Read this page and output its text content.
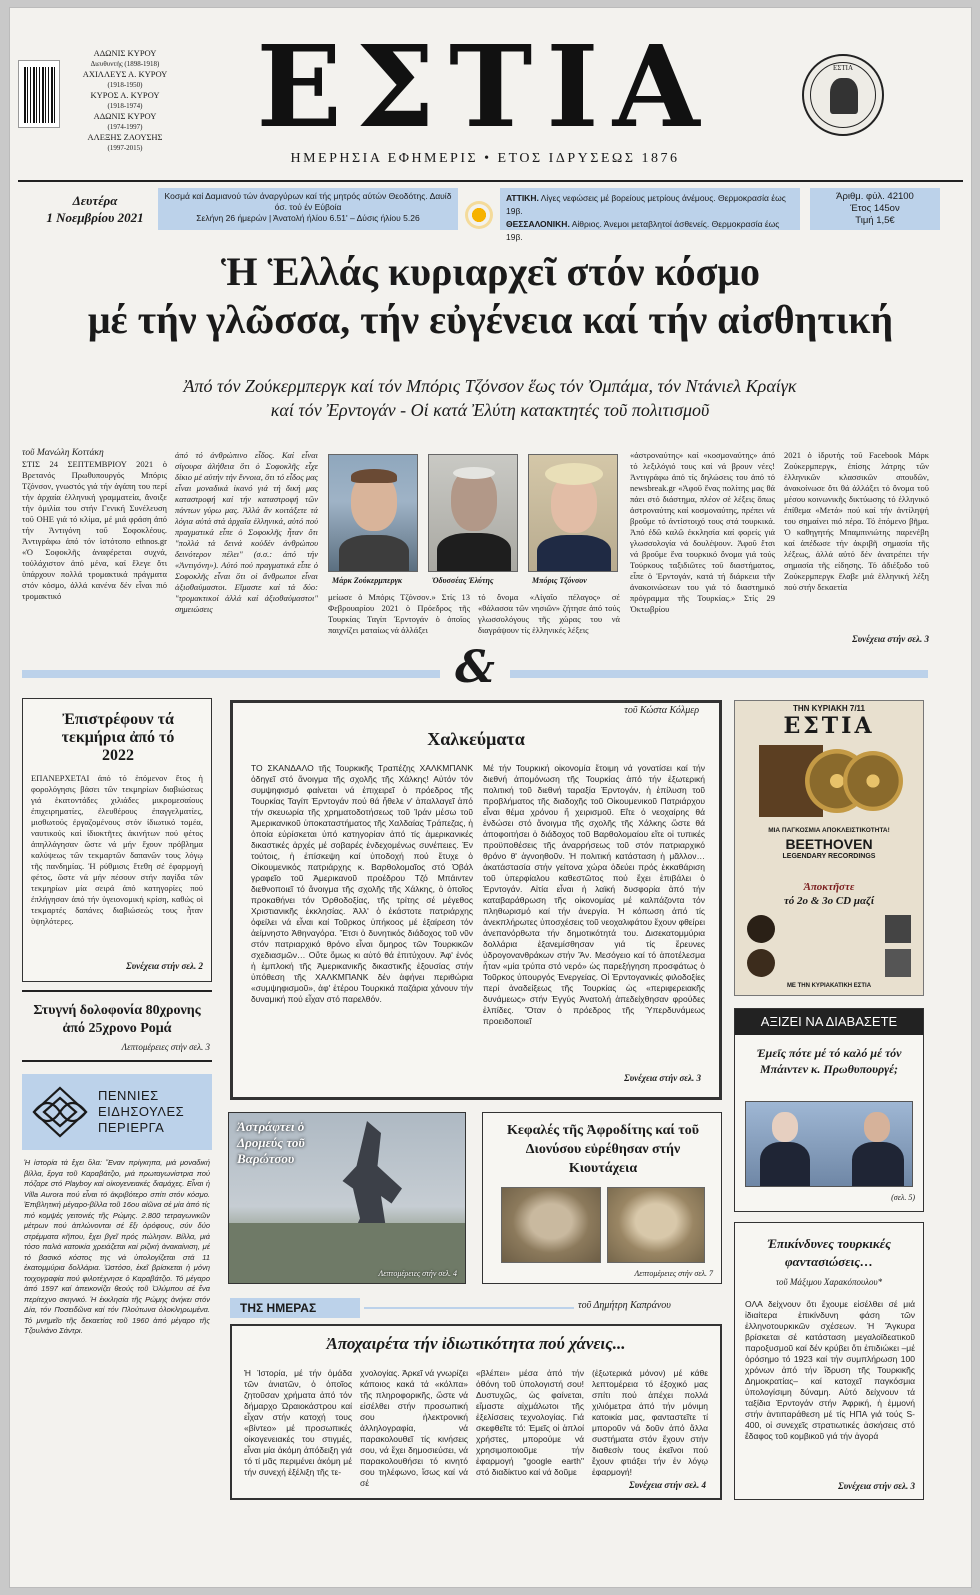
ΑΔΩΝΙΣ ΚΥΡΟΥ
Διευθυντής (1898-1918)
ΑΧΙΛΛΕΥΣ Α. ΚΥΡΟΥ
(1918-1950)
ΚΥΡΟΣ Α. ΚΥΡΟΥ
(1918-1974)
ΑΔΩΝΙΣ ΚΥΡΟΥ
(1974-1997)
ΑΛΕΞΗΣ ΖΑΟΥΣΗΣ
(1997-2015)	ΕΣΤΙΑ
ΗΜΕΡΗΣΙΑ ΕΦΗΜΕΡΙΣ • ΕΤΟΣ ΙΔΡΥΣΕΩΣ 1876
ΕΣΤΙΑ
Δευτέρα
1 Νοεμβρίου 2021
Κοσμά καί Δαμιανού τών άναργύρων καί τής μητρός αύτών Θεοδότης. Δαυίδ όσ. τού έν Εύβοία
Σελήνη 26 ήμερών | Άνατολή ήλίου 6.51' – Δύσις ήλίου 5.26
ΑΤΤΙΚΗ. Λίγες νεφώσεις μέ βορείους μετρίους άνέμους. Θερμοκρασία έως 19β.
ΘΕΣΣΑΛΟΝΙΚΗ. Αίθριος. Άνεμοι μεταβλητοί άσθενείς. Θερμοκρασία έως 19β.
Άριθμ. φύλ. 42100
Έτος 145ον
Τιμή 1,5€
Ἡ Ἑλλάς κυριαρχεῖ στόν κόσμο
μέ τήν γλῶσσα, τήν εὐγένεια καί τήν αἰσθητική
Ἀπό τόν Ζούκερμπεργκ καί τόν Μπόρις Τζόνσον ἕως τόν Ὀμπάμα, τόν Ντάνιελ Κραίγκ
καί τόν Ἐρντογάν - Οἱ κατά Ἐλύτη κατακτητές τοῦ πολιτισμοῦ
τοῦ Μανώλη Κοττάκη
ΣΤΙΣ 24 ΣΕΠΤΕΜΒΡΙΟΥ 2021 ὁ Βρετανός Πρωθυπουργός Μπόρις Τζόνσον, γνωστός γιά τήν ἀγάπη του περί τήν ἀρχαία ἑλληνική γραμματεία, ἄνοιξε τήν ὁμιλία του στήν Γενική Συνέλευση τοῦ ΟΗΕ γιά τό κλίμα, μέ μιά φράση ἀπό τήν Ἀντιγόνη τοῦ Σοφοκλέους. Ἀντιγράφω ἀπό τόν ἱστότοπο ethnos.gr «Ὁ Σοφοκλῆς ἀναφέρεται συχνά, τοὐλάχιστον ἀπό μένα, καί ἔλεγε ὅτι ὑπάρχουν πολλά τρομακτικά πράγματα στόν κόσμο, ἀλλά κανένα δέν εἶναι πιό τρομακτικό
ἀπό τό ἀνθρώπινο εἶδος. Καί εἶναι σίγουρα ἀλήθεια ὅτι ὁ Σοφοκλῆς εἶχε δίκιο μέ αὐτήν τήν ἔννοια, ὅτι τό εἶδος μας εἶναι μοναδικά ἱκανό γιά τή δική μας καταστροφή καί τήν καταστροφή τῶν πάντων γύρω μας. Ἀλλά ἄν κοιτάξετε τά λόγια αὐτά στά ἀρχαῖα ἑλληνικά, αὐτό πού πραγματικά εἶπε ὁ Σοφοκλῆς ἦταν ὅτι "πολλά τά δεινά κοὐδέν ἀνθρώπου δεινότερον πέλει" (σ.σ.: ἀπό τήν «Ἀντιγόνη»). Αὐτό πού πραγματικά εἶπε ὁ Σοφοκλῆς εἶναι ὅτι οἱ ἄνθρωποι εἶναι ἀξιοθαύμαστοι. Εἴμαστε καί τά δύο: "τρομακτικοί ἀλλά καί ἀξιοθαύμαστοι" σημειώσεις
Μάρκ Ζούκερμπεργκ	Ὀδυσσέας Ἐλύτης	Μπόρις Τζόνσον
μείωσε ὁ Μπόρις Τζόνσον.» Στίς 13 Φεβρουαρίου 2021 ὁ Πρόεδρος τῆς Τουρκίας Ταγίπ Ἐρντογάν ὁ ὁποῖος παιχνίζει ματαίως νά ἀλλάξει
τό ὄνομα «Αἰγαῖο πέλαγος» σέ «θάλασσα τῶν νησιῶν» ζήτησε ἀπό τούς γλωσσολόγους τῆς χώρας του νά διαγράψουν τίς ἑλληνικές λέξεις
«ἀστροναύτης» καί «κοσμοναύτης» ἀπό τό λεξιλόγιό τους καί νά βρουν νέες! Ἀντιγράφω ἀπό τίς δηλώσεις του ἀπό τό newsbreak.gr «Ἀφοῦ ἕνας πολίτης μας θά πάει στό διάστημα, πλέον σέ λέξεις ὅπως ἀστροναύτης καί κοσμοναύτης, πρέπει νά βροῦμε τό ἀντίστοιχό τους στά τουρκικά. Ἀπό ἐδῶ καλῶ ἐκκλησία καί φορείς γιά γλωσσολογία νά δουλέψουν. Ἀφοῦ ἔτσι νά βροῦμε ἕνα τουρκικό ὄνομα γιά τούς Τούρκους ταξιδιῶτες τοῦ διαστήματος, εἶπε ὁ Ἐρντογάν, κατά τή διάρκεια τῆν ἀνακοινώσεων του γιά τό διαστημικό πρόγραμμα τῆς Τουρκίας.» Στίς 29 Ὀκτωβρίου
2021 ὁ ἱδρυτής τοῦ Facebook Μάρκ Ζούκερμπεργκ, ἐπίσης λάτρης τῶν ἑλληνικῶν κλασσικῶν σπουδῶν, ἀνακοίνωσε ὅτι θά ἀλλάξει τό ὄνομα τοῦ μέσου κοινωνικῆς δικτύωσης τό ἑλληνικό ἐπίθεμα «Μετά» πού καί τήν ἀντίληψή του σημαίνει πιό πέρα. Τό ἑπόμενο βῆμα. Ὁ καθηγητής Μπαμπινιώτης παρενέβη καί ἀπέδωσε τήν ἀκριβῆ σημασία τῆς λέξεως, ἀλλά αὐτό δέν ἀνατρέπει τήν σημασία τῆς είδησης. Τό ἀδιέξοδο τοῦ Ζούκερμπεργκ ἔλαβε μιά ἑλληνική λέξη πού στήν δεκαετία
Συνέχεια στήν σελ. 3
&
Ἐπιστρέφουν τά τεκμήρια ἀπό τό 2022
ΕΠΑΝΕΡΧΕΤΑΙ ἀπό τό ἑπόμενον ἔτος ἡ φορολόγησις βάσει τῶν τεκμηρίων διαβιώσεως γιά ἑκατοντάδες χιλιάδες μικρομεσαίους ἐπιχειρηματίες, ἐλευθέρους ἐπαγγελματίες, μισθωτούς ἐργαζομένους στόν ἰδιωτικό τομέα, ναυτικούς καί ἰδιοκτῆτες ἀκινήτων πού φέτος ἀπηλλάγησαν ὥστε νά μήν ἔχουν πρόβλημα καλύψεως τῶν τεκμαρτῶν δαπανῶν τους λόγῳ τῆς πανδημίας. Ἡ ρύθμισις ἔτεθη σέ ἐφαρμογή φέτος, ὥστε νά μήν πέσουν στήν παγίδα τῶν τεκμηρίων μία σειρά ἀπό κατηγορίες πού ἐπλήγησαν ἀπό τήν ὑγειονομική κρίση, καθώς οἱ τεκμαρτές δαπάνες διαβιώσεώς τους ἦταν ὑψηλότερες.
Συνέχεια στήν σελ. 2
Στυγνή δολοφονία 80χρονης ἀπό 25χρονο Ρομά
Λεπτομέρειες στήν σελ. 3
ΠΕΝΝΙΕΣ ΕΙΔΗΣΟΥΛΕΣ ΠΕΡΙΕΡΓΑ
Ἡ ἱστορία τά ἔχει ὅλα: Ἕναν πρίγκηπα, μιά μοναδική βίλλα, ἔργα τοῦ Καραβάτζιο, μιά πρωταγωνίστρια πού πόζαρε στό Playboy καί οἰκογενειακές διαμάχες. Εἶναι ἡ Villa Aurora πού εἶναι τό ἀκριβότερο σπίτι στόν κόσμο. Ἐπιβλητική μέγαρο-βίλλα τοῦ 16ου αἰῶνα σέ μία ἀπό τίς πιό κομψές γειτονιές τῆς Ρώμης. 2.800 τετραγωνικῶν μέτρων πού ἁπλώνονται σέ ἔξι ὀρόφους, σύν δύο στρέμματα κῆπου, ἔχει βγεῖ πρός πώλησιν. Βίλλα, μιά τόσο παλιά κατοικία χρειάζεται καί ριζική ἀνακαίνιση, μέ τό βασικό κόστος της νά ὑπολογίζεται στά 11 ἑκατομμύρια δολλάρια. Ὡστόσο, ἐκεῖ βρίσκεται ἡ μόνη τοιχογραφία πού φιλοτέχνησε ὁ Καραβάτζιο. Τό μέγαρο ἀπό 1597 καί ἀπεικονίζει θεούς τοῦ Ὀλύμπου σέ ἕνα περίτεχνο σκηνικό. Ἡ ἐκκλησία τῆς Ρώμης ἀνήκει στόν Δία, τόν Ποσειδῶνα καί τόν Πλούτωνα ὁλοκληρωμένα. Τό μνημεῖο τῆς δεκαετίας τοῦ 1960 ἀπό μέγαρο τῆς Τζουλιάνο Σάντρι.
τοῦ Κώστα Κόλμερ
Χαλκεύματα
ΤΟ ΣΚΑΝΔΑΛΟ τῆς Τουρκικῆς Τραπέζης ΧΑΛΚΜΠΑΝΚ ὁδηγεῖ στό ἄνοιγμα τῆς σχολῆς τῆς Χάλκης! Αὐτόν τόν συμψηφισμό φαίνεται νά ἐπιχειρεῖ ὁ πρόεδρος τῆς Τουρκίας Ταγίπ Ἐρντογάν πού θά ἤθελε ν' ἀπαλλαγεῖ ἀπό τήν σκευωρία τῆς χρηματοδοτήσεως τοῦ Ἰράν μέσω τοῦ Ἀμερικανικοῦ ὑποκαταστήματος τῆς Χαλδαίας Τράπεζας, ἡ ὁποία εὐρίσκεται ὑπό κατηγορίαν ἀπό τίς ἀμερικανικές δικαστικές ἀρχές μέ σοβαρές ἐνδεχομένως συνέπειες. Ἐν τούτοις, ἡ ἐπίσκεψη καί ὑποδοχή πού ἔτυχε ὁ Οἰκουμενικός πατριάρχης κ. Βαρθολομαῖος στό Ὀβάλ γραφεῖο τοῦ Ἀμερικανοῦ προέδρου Τζό Μπάιντεν διεθνοποιεῖ τό ἄνοιγμα τῆς σχολῆς τῆς Χάλκης, ὁ ὁποῖος προκαθήνει τόν Ὀρθοδοξίας, τῆς τρίτης σέ μέγεθος Χριστιανικῆς ἐκκλησίας. Ἀλλ' ὁ ἑκάστοτε πατριάρχης ὀφείλει νά εἶναι καί Τοῦρκος ὑπήκοος μέ ἐξαίρεση τόν ἀείμνηστο Ἀθηναγόρα. Ἔτσι ὁ δυνητικός διάδοχος τοῦ νῦν στόν πατριαρχικό θρόνο εἶναι ὅμηρος τῶν Τουρκικῶν σχεδιασμῶν… Οὔτε ὅμως κι αὐτό θά ἐπιτύχουν. Ἀφ' ἑνός ἡ ἐμπλοκή τῆς Ἀμερικανικῆς δικαστικῆς ἐξουσίας στήν ὑπόθεση τῆς ΧΑΛΚΜΠΑΝΚ δέν ἀφήνει περιθώρια «συμψηφισμοῦ», ἀφ' ἑτέρου Τουρκικά παζάρια χάνουν τήν δυναμική πού εἶχαν στό παρελθόν.
Μέ τήν Τουρκική οἰκονομία ἕτοιμη νά γονατίσει καί τήν διεθνή ἀπομόνωση τῆς Τουρκίας ἀπό τήν ἐξωτερική πολιτική τοῦ διεθνή ταραξία Ἐρντογάν, ἡ ἐπίλυση τοῦ προβλήματος τῆς διαδοχῆς τοῦ Οἰκουμενικοῦ Πατριάρχου εἶναι θέμα χρόνου ἤ χειρισμοῦ. Εἴτε ὁ νεοχαίρης θά ἐνδώσει στό ἄνοιγμα τῆς σχολῆς τῆς Χάλκης ὥστε θά ἀποφοιτήσει ὁ διάδοχος τοῦ Βαρθολομαίου εἴτε οἱ τυπικές προϋποθέσεις τῆς ἀναρρήσεως τοῦ στόν πατριαρχικό θρόνο θ' ἀγνοηθοῦν. Ἡ πολιτική κατάσταση ἡ μᾶλλον… ἀκατάστασία στήν γείτονα χώρα ὁδεύει πρός ἐκκαθάριση τοῦ ὑπερφίαλου καθεστῶτος πού ἔχει ἐπιβάλει ὁ Ἐρντογάν. Αἰτία εἶναι ἡ λαϊκή δυσφορία ἀπό τήν καταβαράθρωση τῆς οἰκονομίας μέ καλπάζοντα τόν πληθωρισμό καί τήν ἀνεργία. Ἡ κόπωση ἀπό τίς ἀνεκπλήρωτες ὑποσχέσεις τοῦ νεοχαλιφάτου ἔχουν φθείρει ἀνεπανόρθωτα τήν δημοτικότητά του. Δισεκατομμύρια δολλάρια ἐξανεμίσθησαν γιά τίς ἔρευνες ὑδρογονανθράκων στήν Ἄν. Μεσόγειο καί τό ἀποτέλεσμα ἦταν «μία τρύπα στό νερό» ὡς παρεξήγηση προσφάτως ὁ Τοῦρκος ὑπουργός Ἐνεργείας. Οἱ Ἐρντογανικές φιλοδοξίες περί ἀναδείξεως τῆς Τουρκίας ὡς «περιφερειακῆς δυνάμεως» στήν Ἐγγύς Ἀνατολή ἀπεδείχθησαν φρούδες ἐλπίδες. Ὅταν ὁ πρόεδρος τῆς Ὑπερδυνάμεως προειδοποιεῖ
Συνέχεια στήν σελ. 3
ΤΗΝ ΚΥΡΙΑΚΗ 7/11
ΕΣΤΙΑ
ΜΙΑ ΠΑΓΚΟΣΜΙΑ ΑΠΟΚΛΕΙΣΤΙΚΟΤΗΤΑ!
BEETHOVEN
LEGENDARY RECORDINGS
Ἀποκτῆστε
τό 2ο & 3ο CD μαζί
ΜΕ ΤΗΝ ΚΥΡΙΑΚΑΤΙΚΗ ΕΣΤΙΑ
ΑΞΙΖΕΙ ΝΑ ΔΙΑΒΑΣΕΤΕ
Ἐμεῖς πότε μέ τό καλό μέ τόν Μπάιντεν κ. Πρωθυπουργέ;
(σελ. 5)
Ἀστράφτει ὁ Δρομεύς τοῦ Βαρώτσου
Λεπτομέρειες στήν σελ. 4
Κεφαλές τῆς Ἀφροδίτης καί τοῦ Διονύσου εὑρέθησαν στήν Κιουτάχεια
Λεπτομέρειες στήν σελ. 7
ΤΗΣ ΗΜΕΡΑΣ	τοῦ Δημήτρη Καπράνου
Ἀποχαιρέτα τήν ἰδιωτικότητα πού χάνεις...
Ἡ Ἱστορία, μέ τήν ὁμάδα τῶν ἀνιατῶν, ὁ ὁποῖος ζητοῦσαν χρήματα ἀπό τόν δήμαρχο Ὠραιοκάστρου καί εἶχαν στήν κατοχή τους «βίντεο» μέ προσωπικές οἰκογενειακές του στιγμές, εἶναι μία ἀκόμη ἀπόδειξη γιά τό τί μᾶς περιμένει ἀκόμη μέ τήν συνεχή ἐξέλιξη τῆς τε-
χνολογίας. Ἀρκεῖ νά γνωρίζει κάποιος κακά τά «κόλπα» τῆς πληροφορικῆς, ὥστε νά εἰσέλθει στήν προσωπική σου ἠλεκτρονική ἀλληλογραφία, νά παρακολουθεῖ τίς κινήσεις σου, νά ἔχει δημοσιεύσει, νά παρακολουθήσει τό κινητό σου τηλέφωνο, ἴσως καί νά σέ
«βλέπει» μέσα ἀπό τήν ὀθόνη τοῦ ὑπολογιστή σου! Δυστυχῶς, ὡς φαίνεται, εἴμαστε αἰχμάλωτοι τῆς ἐξελίσσεις τεχνολογίας. Γιά σκεφθεῖτε τό: Ἐμεῖς οἱ ἁπλοί χρήστες, μπορούμε νά χρησιμοποιοῦμε τήν ἐφαρμογή "google earth" στό διαδίκτυο καί νά δοῦμε
(ἐξωτερικά μόνον) μέ κάθε λεπτομέρεια τό ἐξοχικό μας σπίτι πού ἀπέχει πολλά χιλιόμετρα ἀπό τήν μόνιμη κατοικία μας, φανταστεῖτε τί μποροῦν νά δοῦν ἀπό ἄλλα συστήματα στόν ἔχουν στήν διαθεσίν τους ἐκεῖνοι πού ἔχουν φτιάξει τήν ἐν λόγῳ ἐφαρμογή!
Συνέχεια στήν σελ. 4
Ἐπικίνδυνες τουρκικές φαντασιώσεις…
τοῦ Μάξιμου Χαρακόπουλου*
ΟΛΑ δείχνουν ὅτι ἔχουμε εἰσέλθει σέ μιά ἰδιαίτερα ἐπικίνδυνη φάση τῶν ἑλληνοτουρκικῶν σχέσεων. Ἡ Ἄγκυρα βρίσκεται σέ κατάσταση μεγαλοϊδεατικοῦ παροξυσμοῦ καί δέν κρύβει ὅτι ἐπιδιώκει –μέ ὁρόσημο τό 1923 καί τήν συμπλήρωση 100 χρόνων ἀπό τήν ἵδρυση τῆς Τουρκικῆς Δημοκρατίας– καί κατοχεῖ παγκόσμια ὑπολογίσιμη δύναμη. Αὐτό δείχνουν τά ταξίδια Ἐρντογάν στήν Ἀφρική, ἡ ἐμμονή στήν ἀντιπαράθεση μέ τίς ΗΠΑ γιά τούς S-400, οἱ συνεχεῖς στρατιωτικές ἀσκήσεις στό ἔδαφος τοῦ κομβικοῦ γιά τήν ἀγορά
Συνέχεια στήν σελ. 3
